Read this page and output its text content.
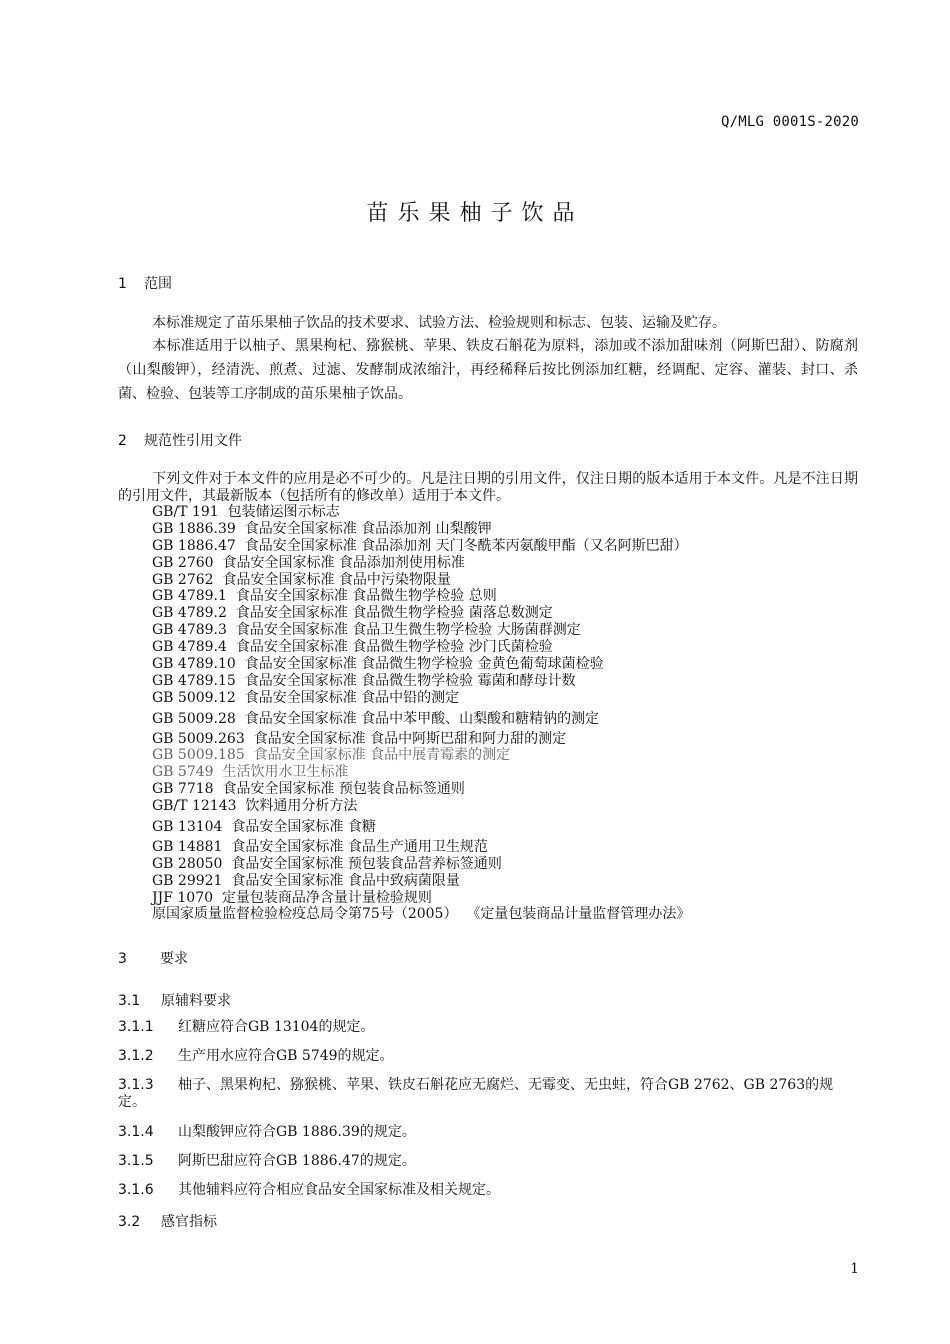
Q/MLG 0001S-2020
苗乐果柚子饮品
1 范围
本标准规定了苗乐果柚子饮品的技术要求、试验方法、检验规则和标志、包装、运输及贮存。
本标准适用于以柚子、黑果枸杞、猕猴桃、苹果、铁皮石斛花为原料，添加或不添加甜味剂（阿斯巴甜）、防腐剂（山梨酸钾），经清洗、煎煮、过滤、发酵制成浓缩汁，再经稀释后按比例添加红糖，经调配、定容、灌装、封口、杀菌、检验、包装等工序制成的苗乐果柚子饮品。
2 规范性引用文件
下列文件对于本文件的应用是必不可少的。凡是注日期的引用文件，仅注日期的版本适用于本文件。凡是不注日期的引用文件，其最新版本（包括所有的修改单）适用于本文件。
GB/T 191 包装储运图示标志
GB 1886.39 食品安全国家标准 食品添加剂 山梨酸钾
GB 1886.47 食品安全国家标准 食品添加剂 天门冬酰苯丙氨酸甲酯（又名阿斯巴甜）
GB 2760 食品安全国家标准 食品添加剂使用标准
GB 2762 食品安全国家标准 食品中污染物限量
GB 4789.1 食品安全国家标准 食品微生物学检验 总则
GB 4789.2 食品安全国家标准 食品微生物学检验 菌落总数测定
GB 4789.3 食品安全国家标准 食品卫生微生物学检验 大肠菌群测定
GB 4789.4 食品安全国家标准 食品微生物学检验 沙门氏菌检验
GB 4789.10 食品安全国家标准 食品微生物学检验 金黄色葡萄球菌检验
GB 4789.15 食品安全国家标准 食品微生物学检验 霉菌和酵母计数
GB 5009.12 食品安全国家标准 食品中铅的测定
GB 5009.28 食品安全国家标准 食品中苯甲酸、山梨酸和糖精钠的测定
GB 5009.263 食品安全国家标准 食品中阿斯巴甜和阿力甜的测定
GB 5009.185 食品安全国家标准 食品中展青霉素的测定
GB 5749 生活饮用水卫生标准
GB 7718 食品安全国家标准 预包装食品标签通则
GB/T 12143 饮料通用分析方法
GB 13104 食品安全国家标准 食糖
GB 14881 食品安全国家标准 食品生产通用卫生规范
GB 28050 食品安全国家标准 预包装食品营养标签通则
GB 29921 食品安全国家标准 食品中致病菌限量
JJF 1070 定量包装商品净含量计量检验规则
原国家质量监督检验检疫总局令第75号（2005） 《定量包装商品计量监督管理办法》
3 要求
3.1 原辅料要求
3.1.1 红糖应符合GB 13104的规定。
3.1.2 生产用水应符合GB 5749的规定。
3.1.3 柚子、黑果枸杞、猕猴桃、苹果、铁皮石斛花应无腐烂、无霉变、无虫蛀，符合GB 2762、GB 2763的规定。
3.1.4 山梨酸钾应符合GB 1886.39的规定。
3.1.5 阿斯巴甜应符合GB 1886.47的规定。
3.1.6 其他辅料应符合相应食品安全国家标准及相关规定。
3.2 感官指标
1
